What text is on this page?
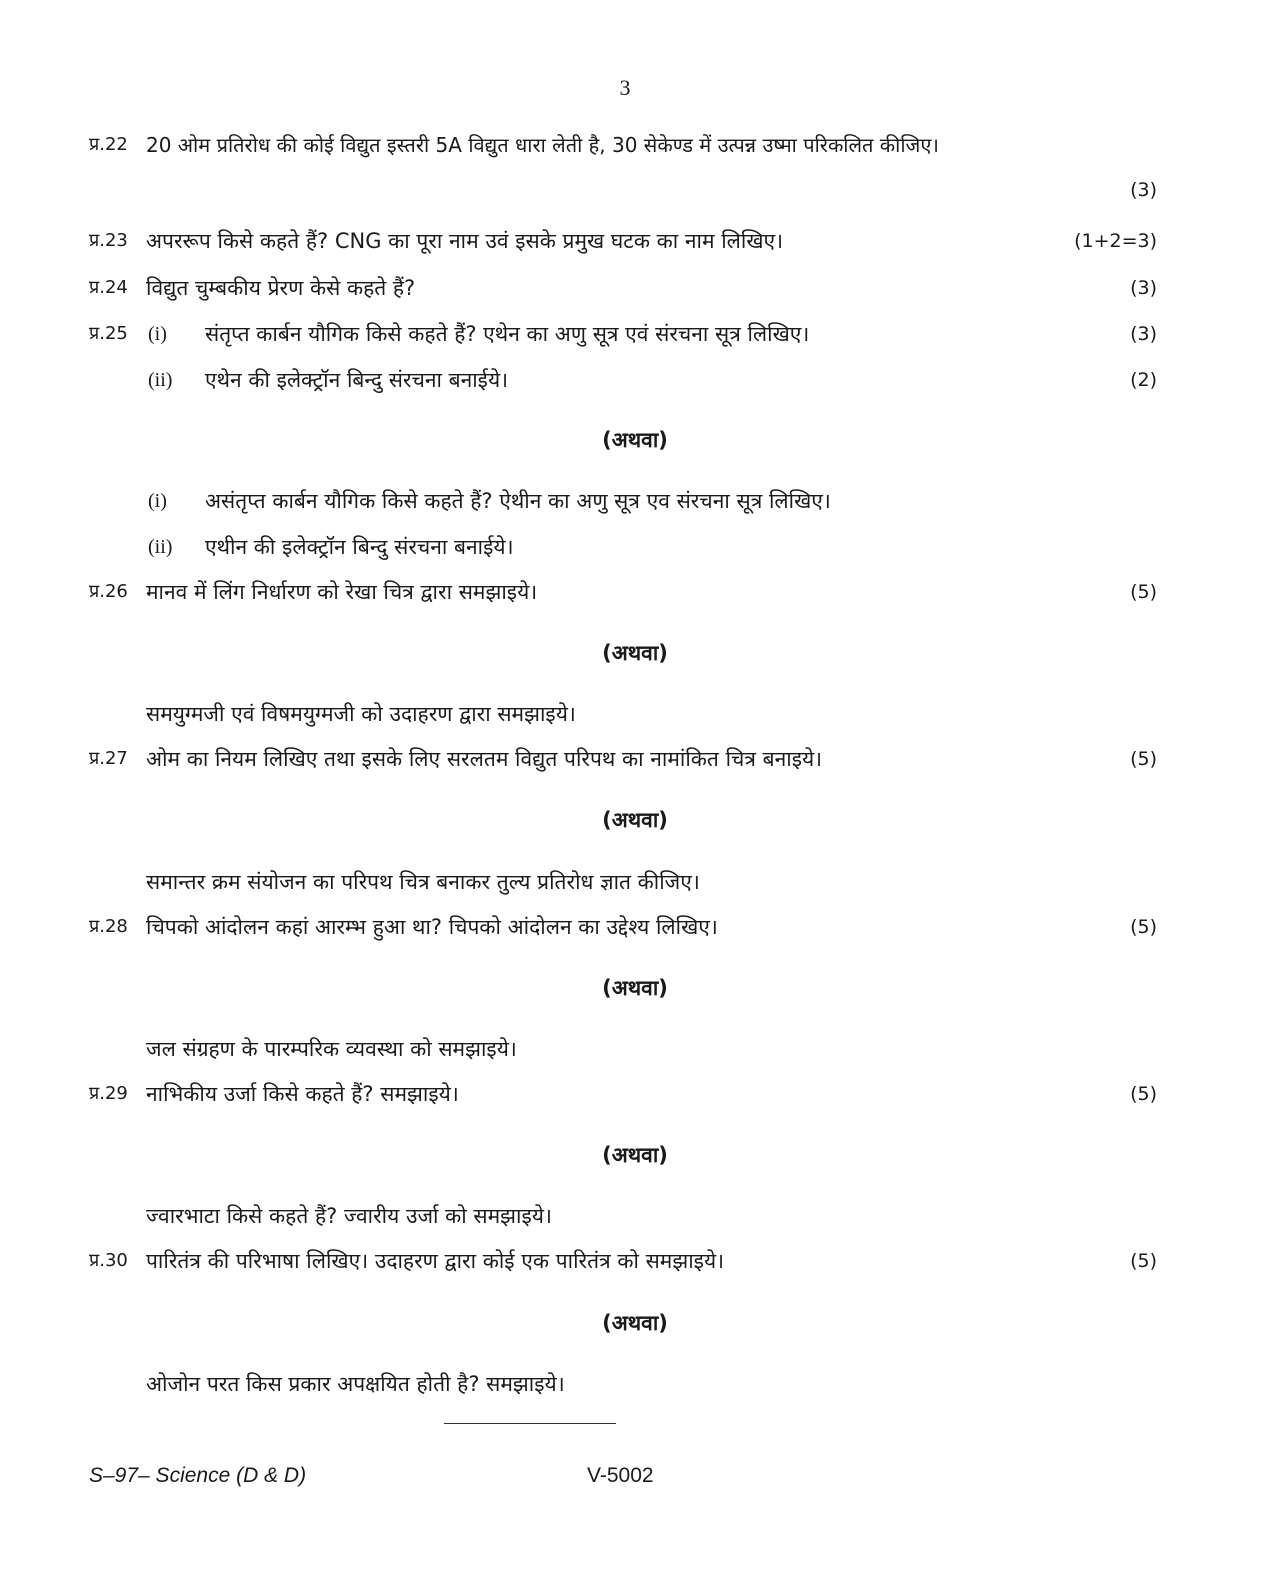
3
प्र.22 20 ओम प्रतिरोध की कोई विद्युत इस्तरी 5A विद्युत धारा लेती है, 30 सेकेण्ड में उत्पन्न उष्मा परिकलित कीजिए।
(3)
प्र.23 अपररूप किसे कहते हैं? CNG का पूरा नाम उवं इसके प्रमुख घटक का नाम लिखिए।	(1+2=3)
प्र.24 विद्युत चुम्बकीय प्रेरण केसे कहते हैं?	(3)
प्र.25 (i) संतृप्त कार्बन यौगिक किसे कहते हैं? एथेन का अणु सूत्र एवं संरचना सूत्र लिखिए।	(3)
(ii) एथेन की इलेक्ट्रॉन बिन्दु संरचना बनाईये।	(2)
(अथवा)
(i) असंतृप्त कार्बन यौगिक किसे कहते हैं? ऐथीन का अणु सूत्र एव संरचना सूत्र लिखिए।
(ii) एथीन की इलेक्ट्रॉन बिन्दु संरचना बनाईये।
प्र.26 मानव में लिंग निर्धारण को रेखा चित्र द्वारा समझाइये।	(5)
(अथवा)
समयुग्मजी एवं विषमयुग्मजी को उदाहरण द्वारा समझाइये।
प्र.27 ओम का नियम लिखिए तथा इसके लिए सरलतम विद्युत परिपथ का नामांकित चित्र बनाइये।	(5)
(अथवा)
समान्तर क्रम संयोजन का परिपथ चित्र बनाकर तुल्य प्रतिरोध ज्ञात कीजिए।
प्र.28 चिपको आंदोलन कहां आरम्भ हुआ था? चिपको आंदोलन का उद्देश्य लिखिए।	(5)
(अथवा)
जल संग्रहण के पारम्परिक व्यवस्था को समझाइये।
प्र.29 नाभिकीय उर्जा किसे कहते हैं? समझाइये।	(5)
(अथवा)
ज्वारभाटा किसे कहते हैं? ज्वारीय उर्जा को समझाइये।
प्र.30 पारितंत्र की परिभाषा लिखिए। उदाहरण द्वारा कोई एक पारितंत्र को समझाइये।	(5)
(अथवा)
ओजोन परत किस प्रकार अपक्षयित होती है? समझाइये।
S–97– Science (D & D)	V-5002
